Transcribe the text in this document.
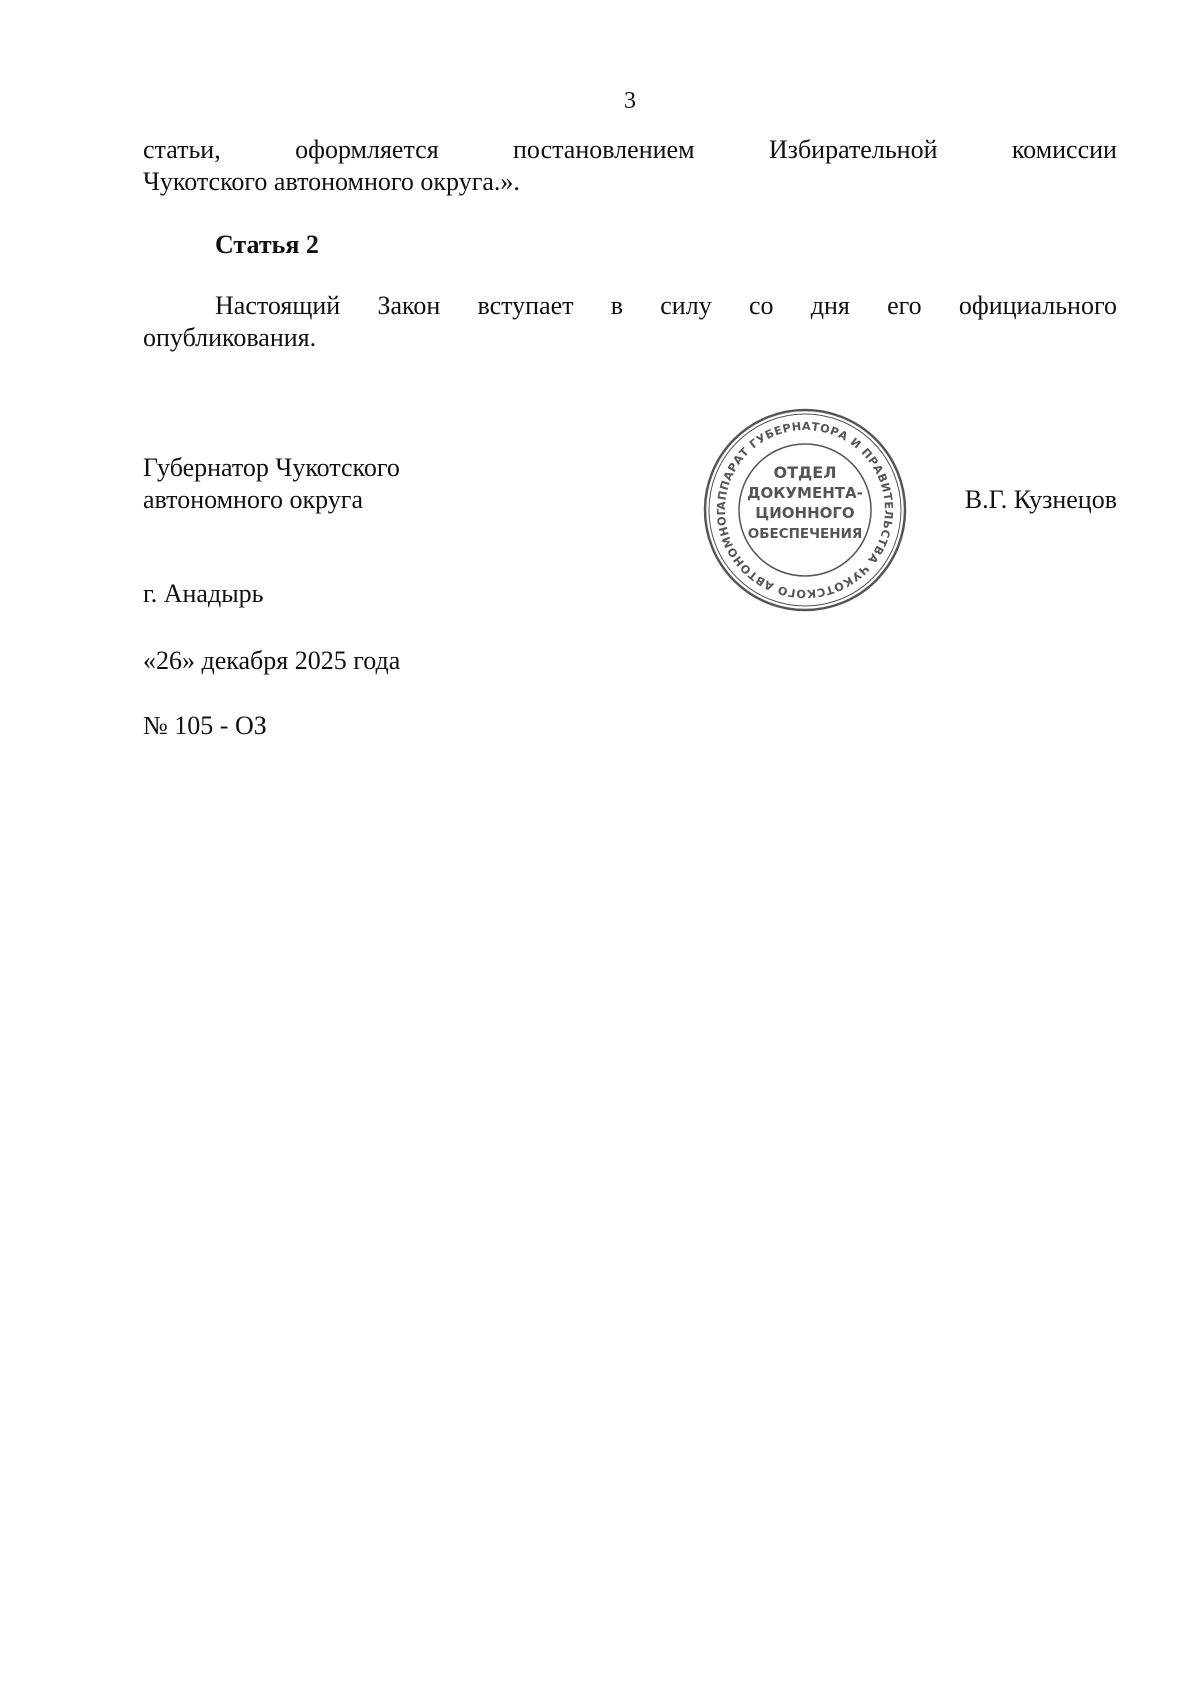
3
статьи,	оформляется	постановлением	Избирательной	комиссии
Чукотского автономного округа.».
Статья 2
Настоящий Закон вступает в силу со дня его официального
опубликования.
Губернатор Чукотского
автономного округа	В.Г. Кузнецов
АППАРАТ ГУБЕРНАТОРА И ПРАВИТЕЛЬСТВА ЧУКОТСКОГО АВТОНОМНОГ
ОТДЕЛ
ДОКУМЕНТА-
ЦИОННОГО
ОБЕСПЕЧЕНИЯ
г. Анадырь
«26» декабря 2025 года
№ 105 - ОЗ
